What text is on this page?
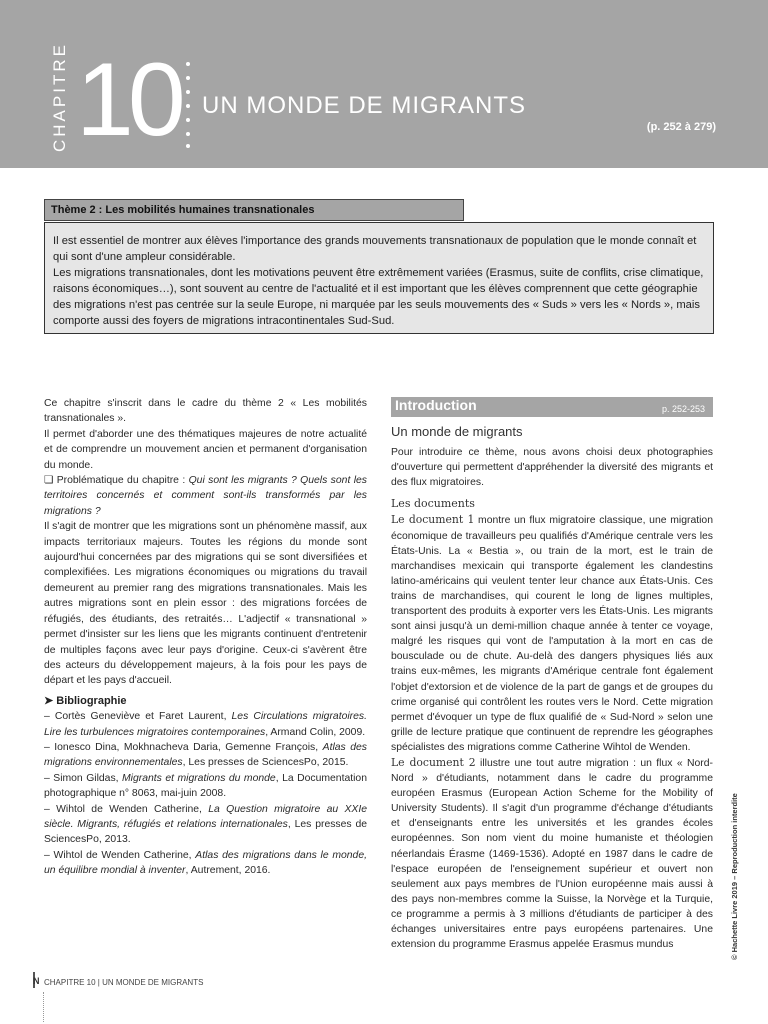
CHAPITRE 10 UN MONDE DE MIGRANTS
(p. 252 à 279)
Thème 2 : Les mobilités humaines transnationales

Il est essentiel de montrer aux élèves l'importance des grands mouvements transnationaux de population que le monde connaît et qui sont d'une ampleur considérable.

Les migrations transnationales, dont les motivations peuvent être extrêmement variées (Erasmus, suite de conflits, crise climatique, raisons économiques…), sont souvent au centre de l'actualité et il est important que les élèves comprennent que cette géographie des migrations n'est pas centrée sur la seule Europe, ni marquée par les seuls mouvements des « Suds » vers les « Nords », mais comporte aussi des foyers de migrations intracontinentales Sud-Sud.

Ce chapitre s'inscrit dans le cadre du thème 2 « Les mobilités transnationales ».

Il permet d'aborder une des thématiques majeures de notre actualité et de comprendre un mouvement ancien et permanent d'organisation du monde.

❏ Problématique du chapitre : Qui sont les migrants ? Quels sont les territoires concernés et comment sont-ils transformés par les migrations ?

Il s'agit de montrer que les migrations sont un phénomène massif, aux impacts territoriaux majeurs. Toutes les régions du monde sont aujourd'hui concernées par des migrations qui se sont diversifiées et complexifiées. Les migrations économiques ou migrations du travail demeurent au premier rang des migrations transnationales. Mais les autres migrations sont en plein essor : des migrations forcées de réfugiés, des étudiants, des retraités… L'adjectif « transnational » permet d'insister sur les liens que les migrants continuent d'entretenir de multiples façons avec leur pays d'origine. Ceux-ci s'avèrent être des acteurs du développement majeurs, à la fois pour les pays de départ et les pays d'accueil.

➤ Bibliographie

– Cortès Geneviève et Faret Laurent, Les Circulations migratoires. Lire les turbulences migratoires contemporaines, Armand Colin, 2009.

– Ionesco Dina, Mokhnacheva Daria, Gemenne François, Atlas des migrations environnementales, Les presses de SciencesPo, 2015.

– Simon Gildas, Migrants et migrations du monde, La Documentation photographique n° 8063, mai-juin 2008.

– Wihtol de Wenden Catherine, La Question migratoire au XXIe siècle. Migrants, réfugiés et relations internationales, Les presses de SciencesPo, 2013.

– Wihtol de Wenden Catherine, Atlas des migrations dans le monde, un équilibre mondial à inventer, Autrement, 2016.

Introduction	p. 252-253
Un monde de migrants

Pour introduire ce thème, nous avons choisi deux photographies d'ouverture qui permettent d'appréhender la diversité des migrants et des flux migratoires.

Les documents

Le document 1 montre un flux migratoire classique, une migration économique de travailleurs peu qualifiés d'Amérique centrale vers les États-Unis. La « Bestia », ou train de la mort, est le train de marchandises mexicain qui transporte également les clandestins latino-américains qui veulent tenter leur chance aux États-Unis. Ces trains de marchandises, qui courent le long de lignes multiples, transportent des produits à exporter vers les États-Unis. Les migrants sont ainsi jusqu'à un demi-million chaque année à tenter ce voyage, malgré les risques qui vont de l'amputation à la mort en cas de bousculade ou de chute. Au-delà des dangers physiques liés aux trains eux-mêmes, les migrants d'Amérique centrale font également l'objet d'extorsion et de violence de la part de gangs et de groupes du crime organisé qui contrôlent les routes vers le Nord. Cette migration permet d'évoquer un type de flux qualifié de « Sud-Nord » selon une grille de lecture pratique que continuent de reprendre les géographes spécialistes des migrations comme Catherine Wihtol de Wenden.

Le document 2 illustre une tout autre migration : un flux « Nord-Nord » d'étudiants, notamment dans le cadre du programme européen Erasmus (European Action Scheme for the Mobility of University Students). Il s'agit d'un programme d'échange d'étudiants et d'enseignants entre les universités et les grandes écoles européennes. Son nom vient du moine humaniste et théologien néerlandais Érasme (1469-1536). Adopté en 1987 dans le cadre de l'espace européen de l'enseignement supérieur et ouvert non seulement aux pays membres de l'Union européenne mais aussi à des pays non-membres comme la Suisse, la Norvège et la Turquie, ce programme a permis à 3 millions d'étudiants de participer à des échanges universitaires entre pays européens partenaires. Une extension du programme Erasmus appelée Erasmus mundus	© Hachette Livre 2019 – Reproduction interdite
N CHAPITRE 10 | UN MONDE DE MIGRANTS
